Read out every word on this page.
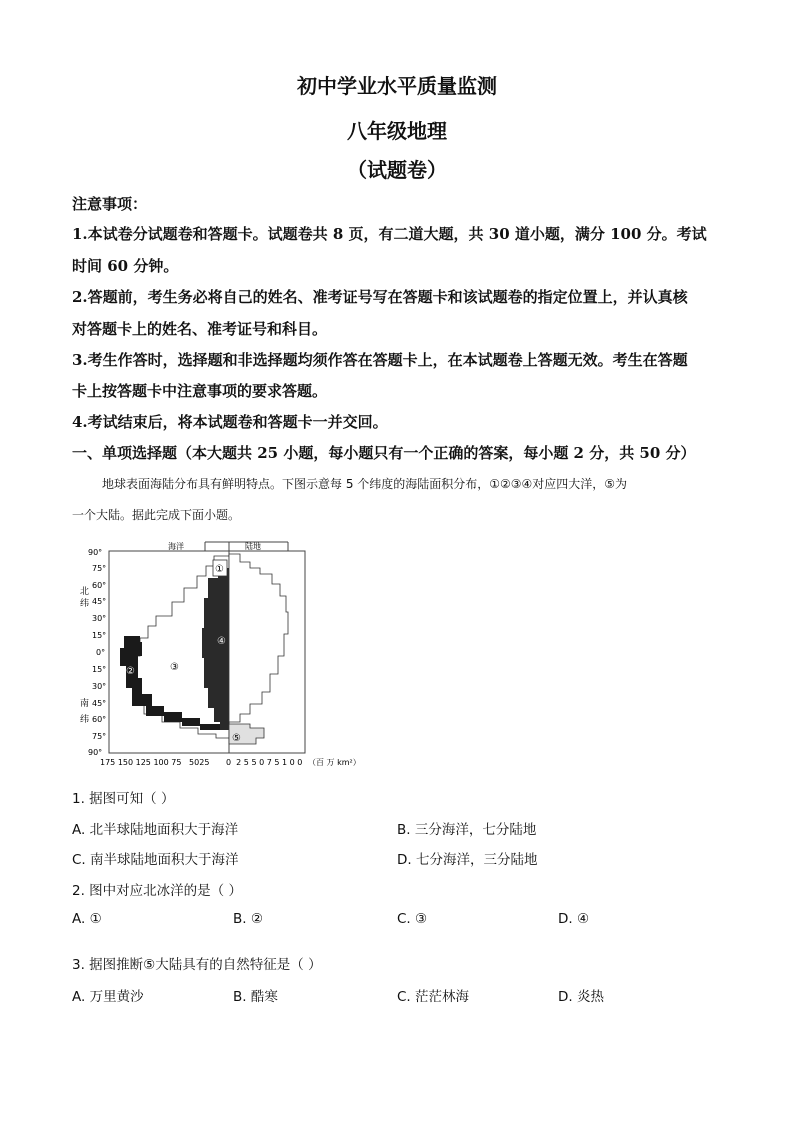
初中学业水平质量监测
八年级地理
（试题卷）
注意事项：
1.本试卷分试题卷和答题卡。试题卷共 8 页，有二道大题，共 30 道小题，满分 100 分。考试
时间 60 分钟。
2.答题前，考生务必将自己的姓名、准考证号写在答题卡和该试题卷的指定位置上，并认真核
对答题卡上的姓名、准考证号和科目。
3.考生作答时，选择题和非选择题均须作答在答题卡上，在本试题卷上答题无效。考生在答题
卡上按答题卡中注意事项的要求答题。
4.考试结束后，将本试题卷和答题卡一并交回。
一、单项选择题（本大题共 25 小题，每小题只有一个正确的答案，每小题 2 分，共 50 分）
地球表面海陆分布具有鲜明特点。下图示意每 5 个纬度的海陆面积分布，①②③④对应四大洋，⑤为
一个大陆。据此完成下面小题。
海洋	陆地
①
②	③
④
⑤
90°
75°
60°
45°
30°
15°
0°
15°
30°
45°
60°
75°
90°
北
纬
南
纬
175 150 125 100 75   5025 0  2 5 5 0 7 5 1 0 0 （百 万 km²）
1. 据图可知（ ）
A. 北半球陆地面积大于海洋	B. 三分海洋，七分陆地
C. 南半球陆地面积大于海洋	D. 七分海洋，三分陆地
2. 图中对应北冰洋的是（ ）
A. ①	B. ②	C. ③	D. ④
3. 据图推断⑤大陆具有的自然特征是（ ）
A. 万里黄沙	B. 酷寒	C. 茫茫林海	D. 炎热
